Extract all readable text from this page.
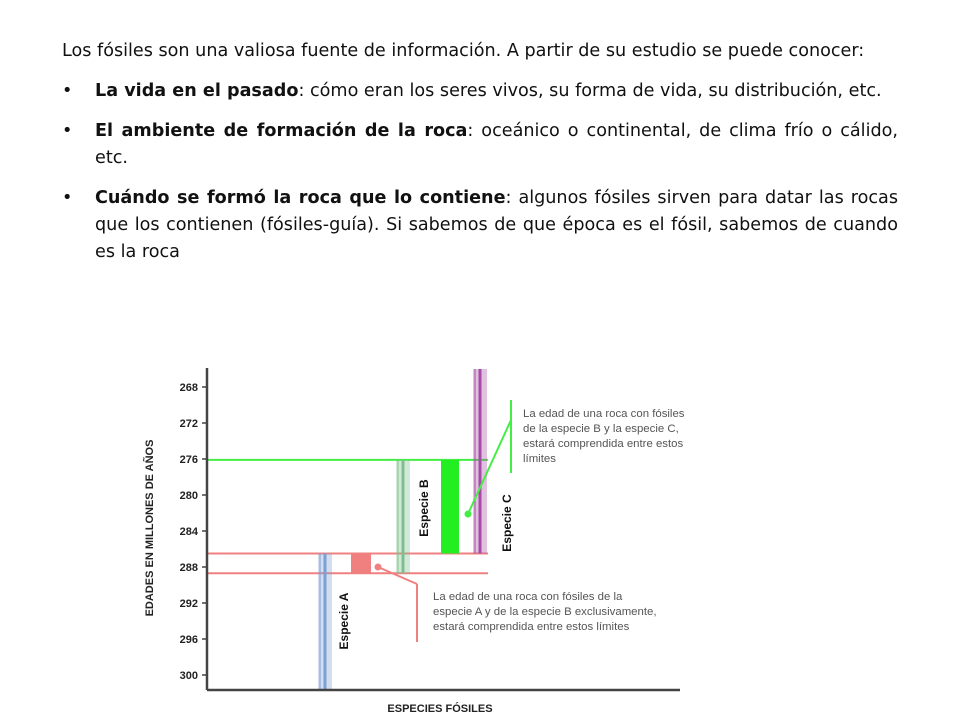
Los fósiles son una valiosa fuente de información. A partir de su estudio se puede conocer:

• La vida en el pasado: cómo eran los seres vivos, su forma de vida, su distribución, etc.
• El ambiente de formación de la roca: oceánico o continental, de clima frío o cálido, etc.
• Cuándo se formó la roca que lo contiene: algunos fósiles sirven para datar las rocas que los contienen (fósiles-guía). Si sabemos de que época es el fósil, sabemos de cuando es la roca
268
272
276
280
284
288
292
296
300
EDADES EN MILLONES DE AÑOS
ESPECIES FÓSILES
Especie A
Especie B	Especie C
La edad de una roca con fósiles
de la especie B y la especie C,
estará comprendida entre estos
límites
La edad de una roca con fósiles de la
especie A y de la especie B exclusivamente,
estará comprendida entre estos límites
